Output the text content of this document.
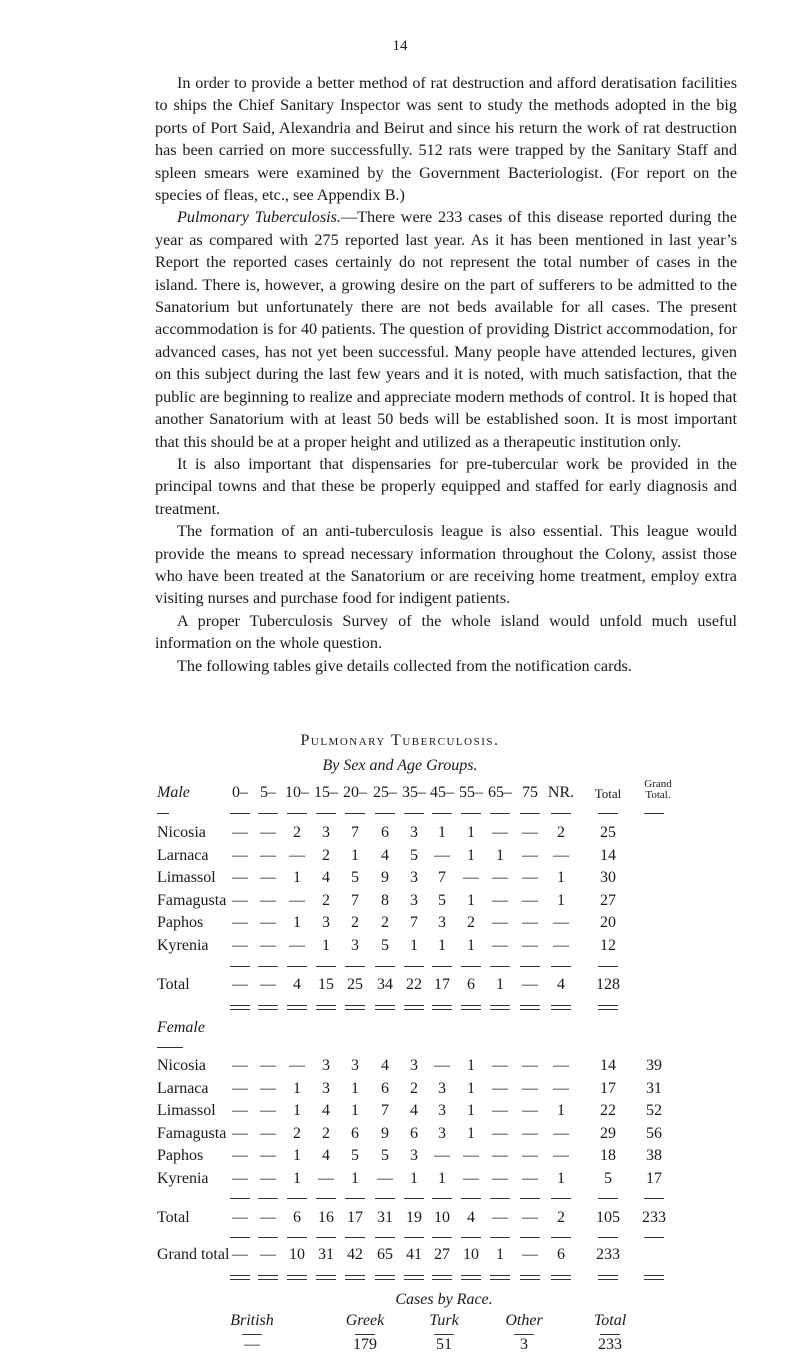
14

In order to provide a better method of rat destruction and afford deratisation facilities to ships the Chief Sanitary Inspector was sent to study the methods adopted in the big ports of Port Said, Alexandria and Beirut and since his return the work of rat destruction has been carried on more successfully. 512 rats were trapped by the Sanitary Staff and spleen smears were examined by the Government Bacteriologist. (For report on the species of fleas, etc., see Appendix B.)

Pulmonary Tuberculosis.—There were 233 cases of this disease reported during the year as compared with 275 reported last year. As it has been mentioned in last year’s Report the reported cases certainly do not represent the total number of cases in the island. There is, however, a growing desire on the part of sufferers to be admitted to the Sanatorium but unfortunately there are not beds available for all cases. The present accommodation is for 40 patients. The question of providing District accommodation, for advanced cases, has not yet been successful. Many people have attended lectures, given on this subject during the last few years and it is noted, with much satisfaction, that the public are beginning to realize and appreciate modern methods of control. It is hoped that another Sanatorium with at least 50 beds will be established soon. It is most important that this should be at a proper height and utilized as a therapeutic institution only.

It is also important that dispensaries for pre-tubercular work be provided in the principal towns and that these be properly equipped and staffed for early diagnosis and treatment.

The formation of an anti-tuberculosis league is also essential. This league would provide the means to spread necessary information throughout the Colony, assist those who have been treated at the Sanatorium or are receiving home treatment, employ extra visiting nurses and purchase food for indigent patients.

A proper Tuberculosis Survey of the whole island would unfold much useful information on the whole question.

The following tables give details collected from the notification cards.

Pulmonary Tuberculosis.
By Sex and Age Groups.
Male	0– 5– 10– 15– 20– 25– 35– 45– 55– 65– 75 NR. Total
Grand Total.
Nicosia — — 2 3 7 6 3 1 1 — — 2 25
Larnaca — — — 2 1 4 5 — 1 1 — — 14
Limassol — — 1 4 5 9 3 7 — — — 1 30
Famagusta — — — 2 7 8 3 5 1 — — 1 27
Paphos — — 1 3 2 2 7 3 2 — — — 20
Kyrenia — — — 1 3 5 1 1 1 — — — 12
Total	— — 4 15 25 34 22 17 6 1 — 4 128
Female
Nicosia — — — 3 3 4 3 — 1 — — — 14 39
Larnaca — — 1 3 1 6 2 3 1 — — — 17 31
Limassol — — 1 4 1 7 4 3 1 — — 1 22 52
Famagusta — — 2 2 6 9 6 3 1 — — — 29 56
Paphos — — 1 4 5 5 3 — — — — — 18 38
Kyrenia — — 1 — 1 — 1 1 — — — 1 5 17
Total	— — 6 16 17 31 19 10 4 — — 2 105 233
Grand total — — 10 31 42 65 41 27 10 1 — 6 233
Cases by Race.
British	Greek	Turk	Other	Total
—	179	51	3	233
